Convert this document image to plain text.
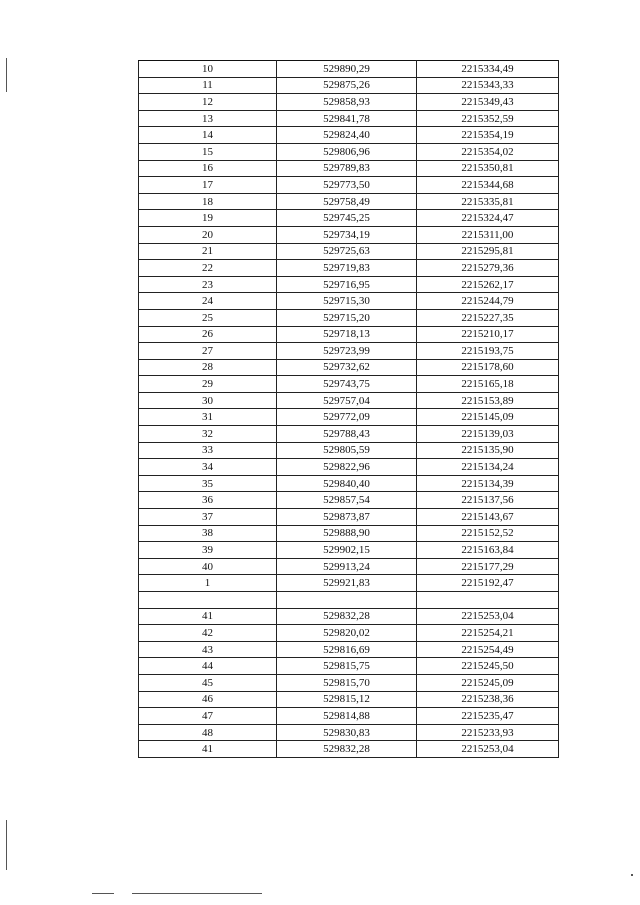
10	529890,29	2215334,49
11	529875,26	2215343,33
12	529858,93	2215349,43
13	529841,78	2215352,59
14	529824,40	2215354,19
15	529806,96	2215354,02
16	529789,83	2215350,81
17	529773,50	2215344,68
18	529758,49	2215335,81
19	529745,25	2215324,47
20	529734,19	2215311,00
21	529725,63	2215295,81
22	529719,83	2215279,36
23	529716,95	2215262,17
24	529715,30	2215244,79
25	529715,20	2215227,35
26	529718,13	2215210,17
27	529723,99	2215193,75
28	529732,62	2215178,60
29	529743,75	2215165,18
30	529757,04	2215153,89
31	529772,09	2215145,09
32	529788,43	2215139,03
33	529805,59	2215135,90
34	529822,96	2215134,24
35	529840,40	2215134,39
36	529857,54	2215137,56
37	529873,87	2215143,67
38	529888,90	2215152,52
39	529902,15	2215163,84
40	529913,24	2215177,29
1	529921,83	2215192,47

41	529832,28	2215253,04
42	529820,02	2215254,21
43	529816,69	2215254,49
44	529815,75	2215245,50
45	529815,70	2215245,09
46	529815,12	2215238,36
47	529814,88	2215235,47
48	529830,83	2215233,93
41	529832,28	2215253,04
